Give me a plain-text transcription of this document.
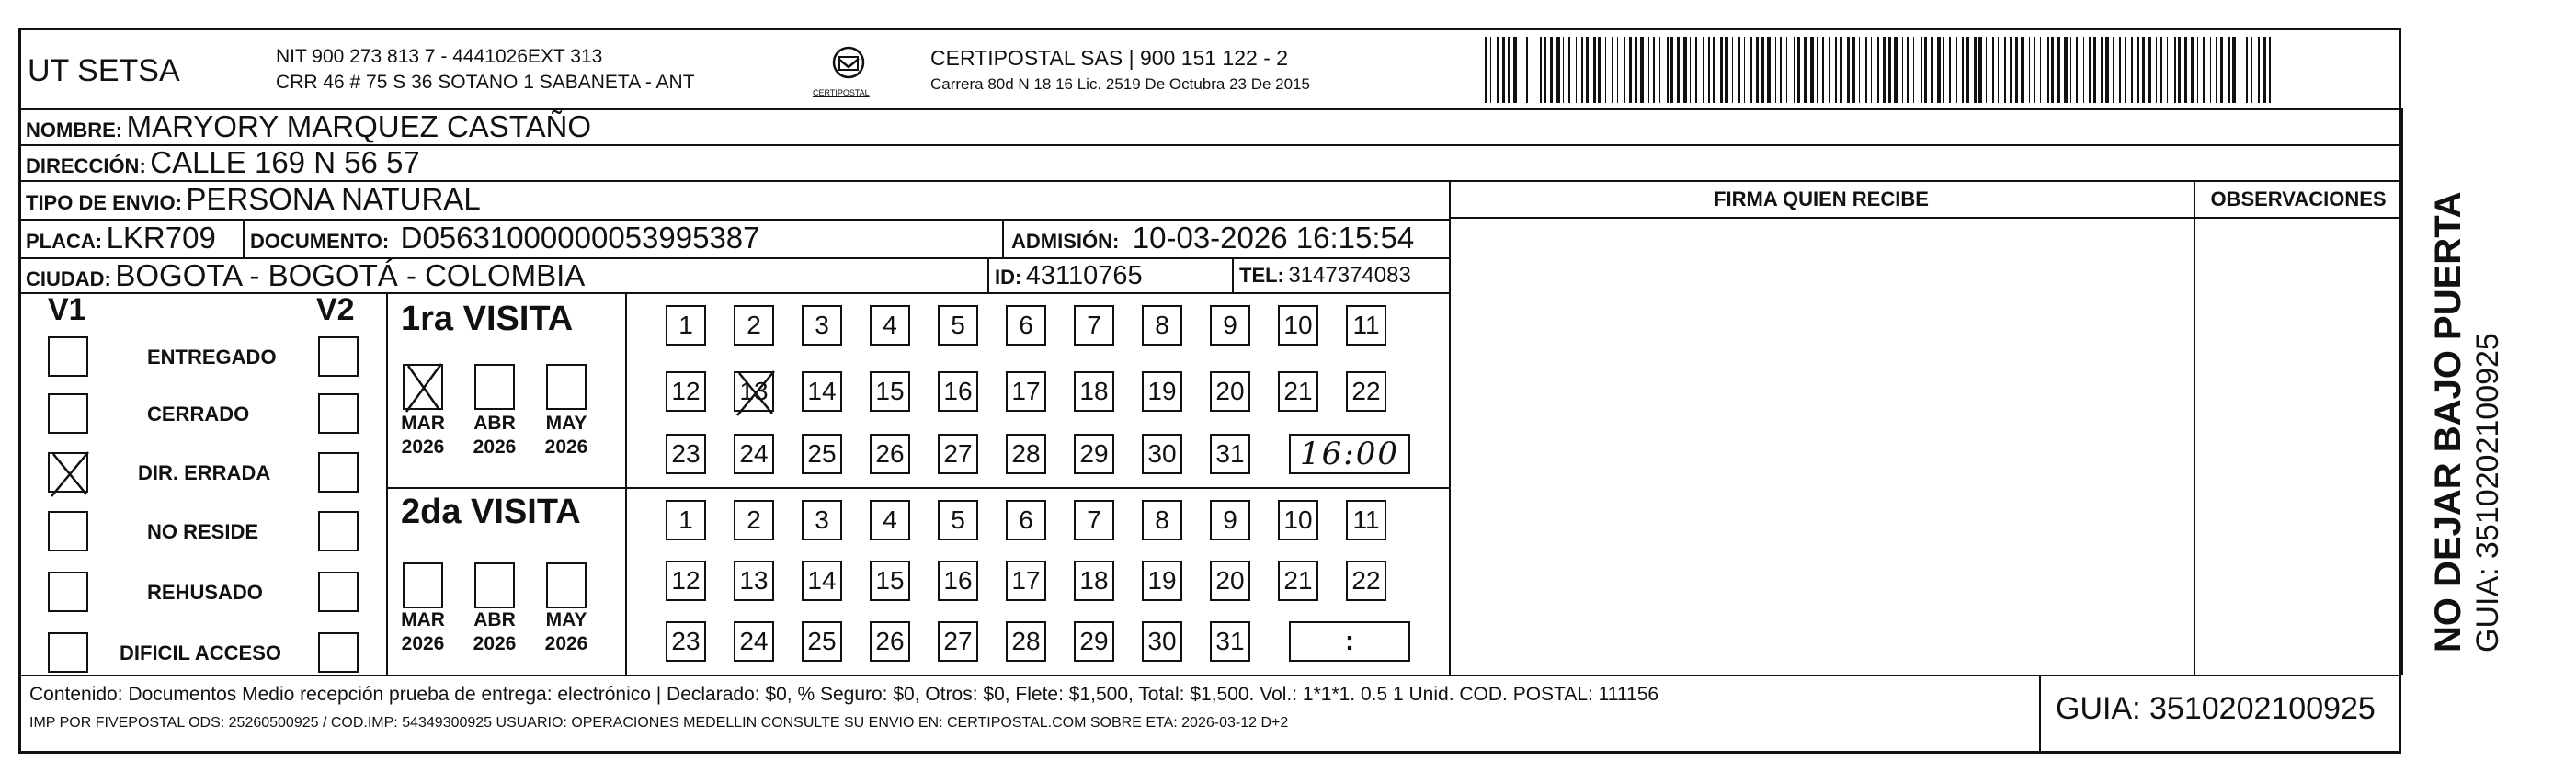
UT SETSA	NIT 900 273 813 7 - 4441026EXT 313
CRR 46 # 75 S 36 SOTANO 1 SABANETA - ANT	CERTIPOSTAL
CERTIPOSTAL SAS | 900 151 122 - 2
Carrera 80d N 18 16 Lic. 2519 De Octubra 23 De 2015
NOMBRE: MARYORY MARQUEZ CASTAÑO
DIRECCIÓN: CALLE 169 N 56 57
TIPO DE ENVIO: PERSONA NATURAL
PLACA: LKR709 DOCUMENTO: D05631000000053995387	ADMISIÓN: 10-03-2026 16:15:54
CIUDAD: BOGOTA - BOGOTÁ - COLOMBIA	ID: 43110765	TEL: 3147374083
FIRMA QUIEN RECIBE	OBSERVACIONES
V1	V2
ENTREGADO
CERRADO
DIR. ERRADA
NO RESIDE
REHUSADO
DIFICIL ACCESO
1ra VISITA
2da VISITA
MAR
2026
ABR
2026
MAY
2026
MAR
2026
ABR
2026
MAY
2026
1	2	3	4	5	6	7	8	9	10 11
12 13 14 15 16 17 18 19 20 21 22
23 24 25 26 27 28 29 30 31
1	2	3	4	5	6	7	8	9	10 11
12 13 14 15 16 17 18 19 20 21 22
23 24 25 26 27 28 29 30 31
16:00
:
Contenido: Documentos Medio recepción prueba de entrega: electrónico | Declarado: $0, % Seguro: $0, Otros: $0, Flete: $1,500, Total: $1,500. Vol.: 1*1*1. 0.5 1 Unid. COD. POSTAL: 111156
IMP POR FIVEPOSTAL ODS: 25260500925 / COD.IMP: 54349300925 USUARIO: OPERACIONES MEDELLIN CONSULTE SU ENVIO EN: CERTIPOSTAL.COM SOBRE ETA: 2026-03-12 D+2	GUIA: 3510202100925
NO DEJAR BAJO PUERTA GUIA: 3510202100925
